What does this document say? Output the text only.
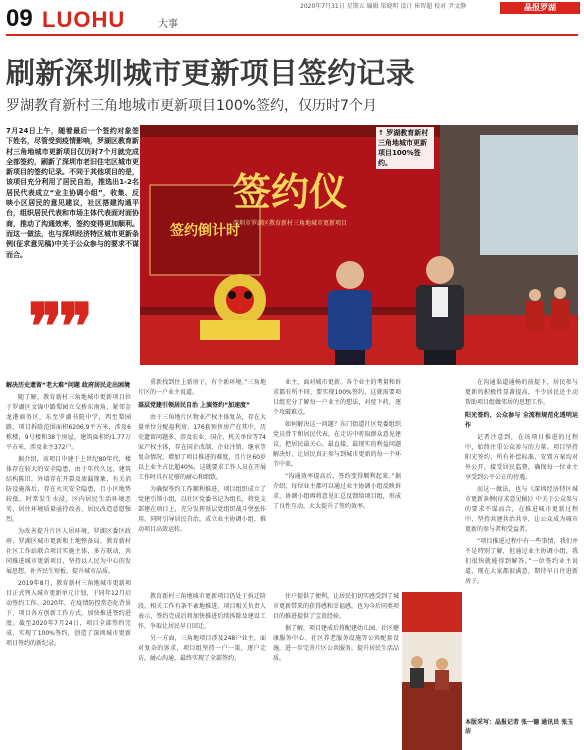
09 LUOHU	大事
2020年7月31日 星期五 编辑 梁晓明 设计 崔智超 校对 尹文静	晶报罗湖
刷新深圳城市更新项目签约记录
罗湖教育新村三角地城市更新项目100%签约，仅历时7个月
7月24日上午，随着最后一个签约对象签下姓名，尽管受到疫情影响，罗湖区教育新村三角地城市更新项目仅历时7个月就完成全部签约，刷新了深圳市老旧住宅区城市更新项目的签约记录。不同于其他项目的是，该项目充分利用了居民自治，推选出1-2名居民代表成立“业主协调小组”，收集、反映小区居民的意见建议，社区搭建沟通平台，组织居民代表和市场主体代表面对面协商，推动了沟通效率，签约变得更加顺利。而这一做法，也与深圳经济特区城市更新条例(征求意见稿)中关于公众参与的要求不谋而合。
❞❞
签约倒计时
签约仪
深圳市罗湖区教育新村三角地城市更新项目
↑ 罗湖教育新村三角地城市更新项目100%签约。

解决历史遗留“老大难”问题 政府居民走出困境

随了解，教育新村三角地城市更新项目位于罗湖区文锦中路梨园立交桥东南角，紧邻金龙港商务区，东至罗湖书院中学，西至梨园路，项目拆除范围面积6206.9平方米，涉及6栋楼，9号楼和38个房屋，建筑面积约1.77万平方米，涉及业主372户。

据介绍，该项目中建于上世纪80年代，楼体存在较大的安全隐患，由于年代久远，建筑结构陈旧，外墙存在开裂及渗漏现象，有关消防设施落后，存在火灾安全隐患，且小区地势较低，时常发生水浸，区内居民生活环境恶劣，居住环境质量亟待改善，居民改造意愿强烈。

为改善提升片区人居环境，罗湖区委区政府、罗湖区城市更新和土地整备局、教育新村社区工作站联合项目实施主体，多方联动，共同推进城市更新项目，坚持以人民为中心的发展思想，补齐民生短板，提升城市品质。

2019年8月，教育新村三角地城市更新项目正式列入城市更新单元计划，于同年12月启动签约工作。2020年，在疫情防控常态化背景下，项目各方创新工作方式，加快推进签约进度。截至2020年7月24日，项目全部签约完成，实现了100%签约，创造了深圳城市更新项目签约的新纪录。

重新找到住上新房子，有个新环境。”三角地片区的一户业主说道。

基层党建引领居民自治 上演签约“加速度”

由于三角地片区物业产权主体复杂，存在大量单位分配福利房、176套预售房产在其中，历史遗留问题多，涉及农业、国企、机关单位等74家产权主体，存在国企改制、企业注销、继承等复杂情况，增加了项目推进的难度，且片区60岁以上业主占比超40%，这就要求工作人员在开展工作时具有足够的耐心和细致。

为确保签约工作顺利推进，项目组织成立了党建引领小组，以社区党委书记为组长，将党支部建在项目上，充分发挥基层党组织战斗堡垒作用。同时引导居民自治，成立业主协调小组，推动项目高效运转。

业主，面对城市更新，各个业主的考量和诉求都有所不同，要实现100%签约，这就需要项目组充分了解每一户业主的想法，对症下药，逐个攻破难点。

如何解决这一问题？东门街道社区党委组织党员骨干和居民代表，在走访中听取群众意见建议，把居民最关心、最直接、最现实的利益问题解决好，让居民真正参与到城市更新的每一个环节中来。

“沟通效率提高后，签约变得顺利起来。”据介绍，每位业主都可以通过业主协调小组反映诉求，协调小组再将意见汇总反馈给项目组，形成了良性互动，大大提升了签约效率。

在沟通渠道通畅的前提下，居民参与更新的积极性显著提高，不少居民还主动帮助项目组做邻居的思想工作。

阳光签约、公众参与 全流程规范化透明运作

记者注意到，在该项目推进的过程中，始终注重公众参与的力量。项目坚持阳光签约，所有补偿标准、安置方案均对外公开，接受居民监督，确保每一位业主享受到公平公正的待遇。

而这一做法，也与《深圳经济特区城市更新条例(征求意见稿)》中关于公众参与的要求不谋而合，在推进城市更新过程中，坚持共建共治共享，让公众成为城市更新的参与者和受益者。

“项目推进过程中有一些事情，我们并不是特别了解，但通过业主协调小组，我们很快就能得到解答。”一位签约业主说道，现在大家都很满意，期待早日住进新房子。

教育新村三角地城市更新项目仍处于拆迁阶段，相关工作有条不紊地推进。项目相关负责人表示，签约完成后将加快推进后续拆除及建设工作，争取让居民早日回迁。

另一方面，三角地项目涉及248户业主，面对复杂的诉求，项目组坚持一户一策，逐户走访，耐心沟通，最终实现了全部签约。

住户提供了便利，让居民们切实感受到了城市更新带来的获得感和幸福感，也为今后同类项目的推进提供了宝贵经验。

据了解，项目建成后将配建幼儿园、社区健康服务中心、社区养老服务设施等公共配套设施，进一步完善片区公共服务，提升居民生活品质。

本版采写：晶报记者 张一德 通讯员 张玉洁
